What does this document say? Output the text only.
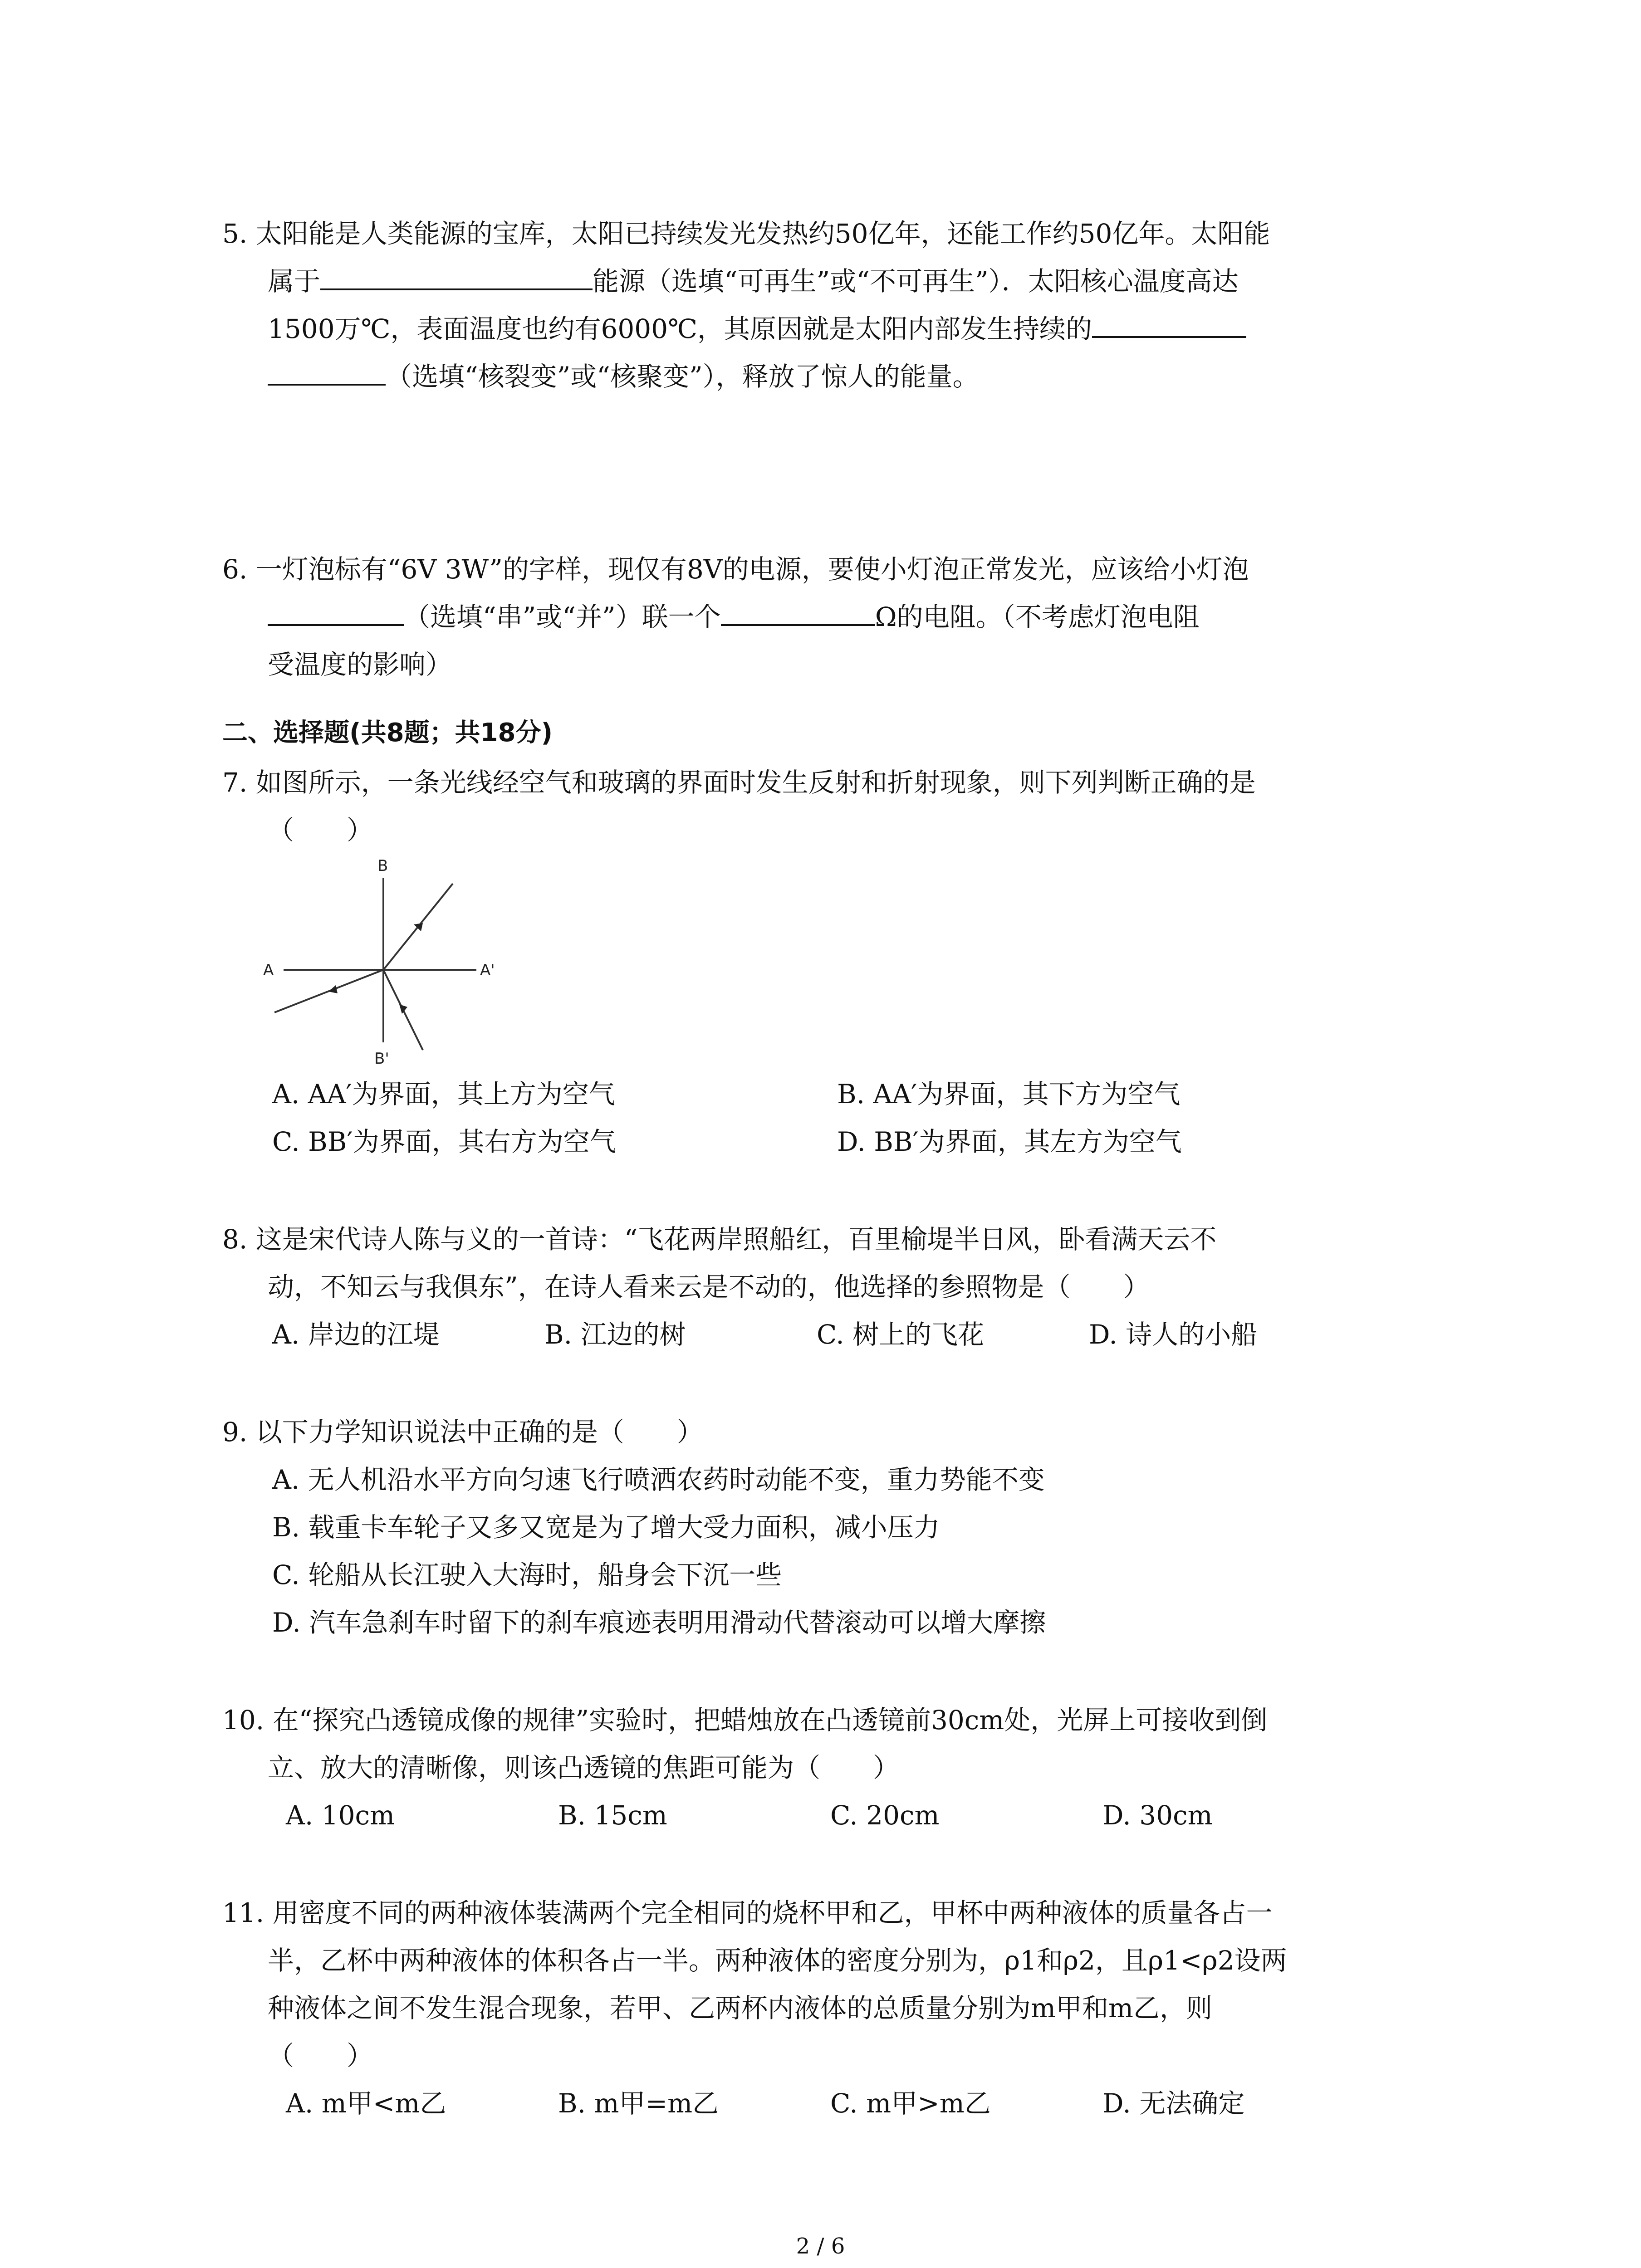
5. 太阳能是人类能源的宝库，太阳已持续发光发热约50亿年，还能工作约50亿年。太阳能
属于	能源（选填“可再生”或“不可再生”）．太阳核心温度高达
1500万℃，表面温度也约有6000℃，其原因就是太阳内部发生持续的
（选填“核裂变”或“核聚变”），释放了惊人的能量。
6. 一灯泡标有“6V 3W”的字样，现仅有8V的电源，要使小灯泡正常发光，应该给小灯泡
（选填“串”或“并”）联一个	Ω的电阻。（不考虑灯泡电阻
受温度的影响）
二、选择题(共8题；共18分)
7. 如图所示，一条光线经空气和玻璃的界面时发生反射和折射现象，则下列判断正确的是
（　　）
B
B'
A	A'
A. AA′为界面，其上方为空气	B. AA′为界面，其下方为空气
C. BB′为界面，其右方为空气	D. BB′为界面，其左方为空气
8. 这是宋代诗人陈与义的一首诗：“飞花两岸照船红，百里榆堤半日风，卧看满天云不
动，不知云与我俱东”，在诗人看来云是不动的，他选择的参照物是（　　）
A. 岸边的江堤	B. 江边的树	C. 树上的飞花	D. 诗人的小船
9. 以下力学知识说法中正确的是（　　）
A. 无人机沿水平方向匀速飞行喷洒农药时动能不变，重力势能不变
B. 载重卡车轮子又多又宽是为了增大受力面积，减小压力
C. 轮船从长江驶入大海时，船身会下沉一些
D. 汽车急刹车时留下的刹车痕迹表明用滑动代替滚动可以增大摩擦
10. 在“探究凸透镜成像的规律”实验时，把蜡烛放在凸透镜前30cm处，光屏上可接收到倒
立、放大的清晰像，则该凸透镜的焦距可能为（　　）
A. 10cm	B. 15cm	C. 20cm	D. 30cm
11. 用密度不同的两种液体装满两个完全相同的烧杯甲和乙，甲杯中两种液体的质量各占一
半，乙杯中两种液体的体积各占一半。两种液体的密度分别为，ρ1和ρ2，且ρ1<ρ2设两
种液体之间不发生混合现象，若甲、乙两杯内液体的总质量分别为m甲和m乙，则
（　　）
A. m甲<m乙	B. m甲=m乙	C. m甲>m乙	D. 无法确定
2 / 6
